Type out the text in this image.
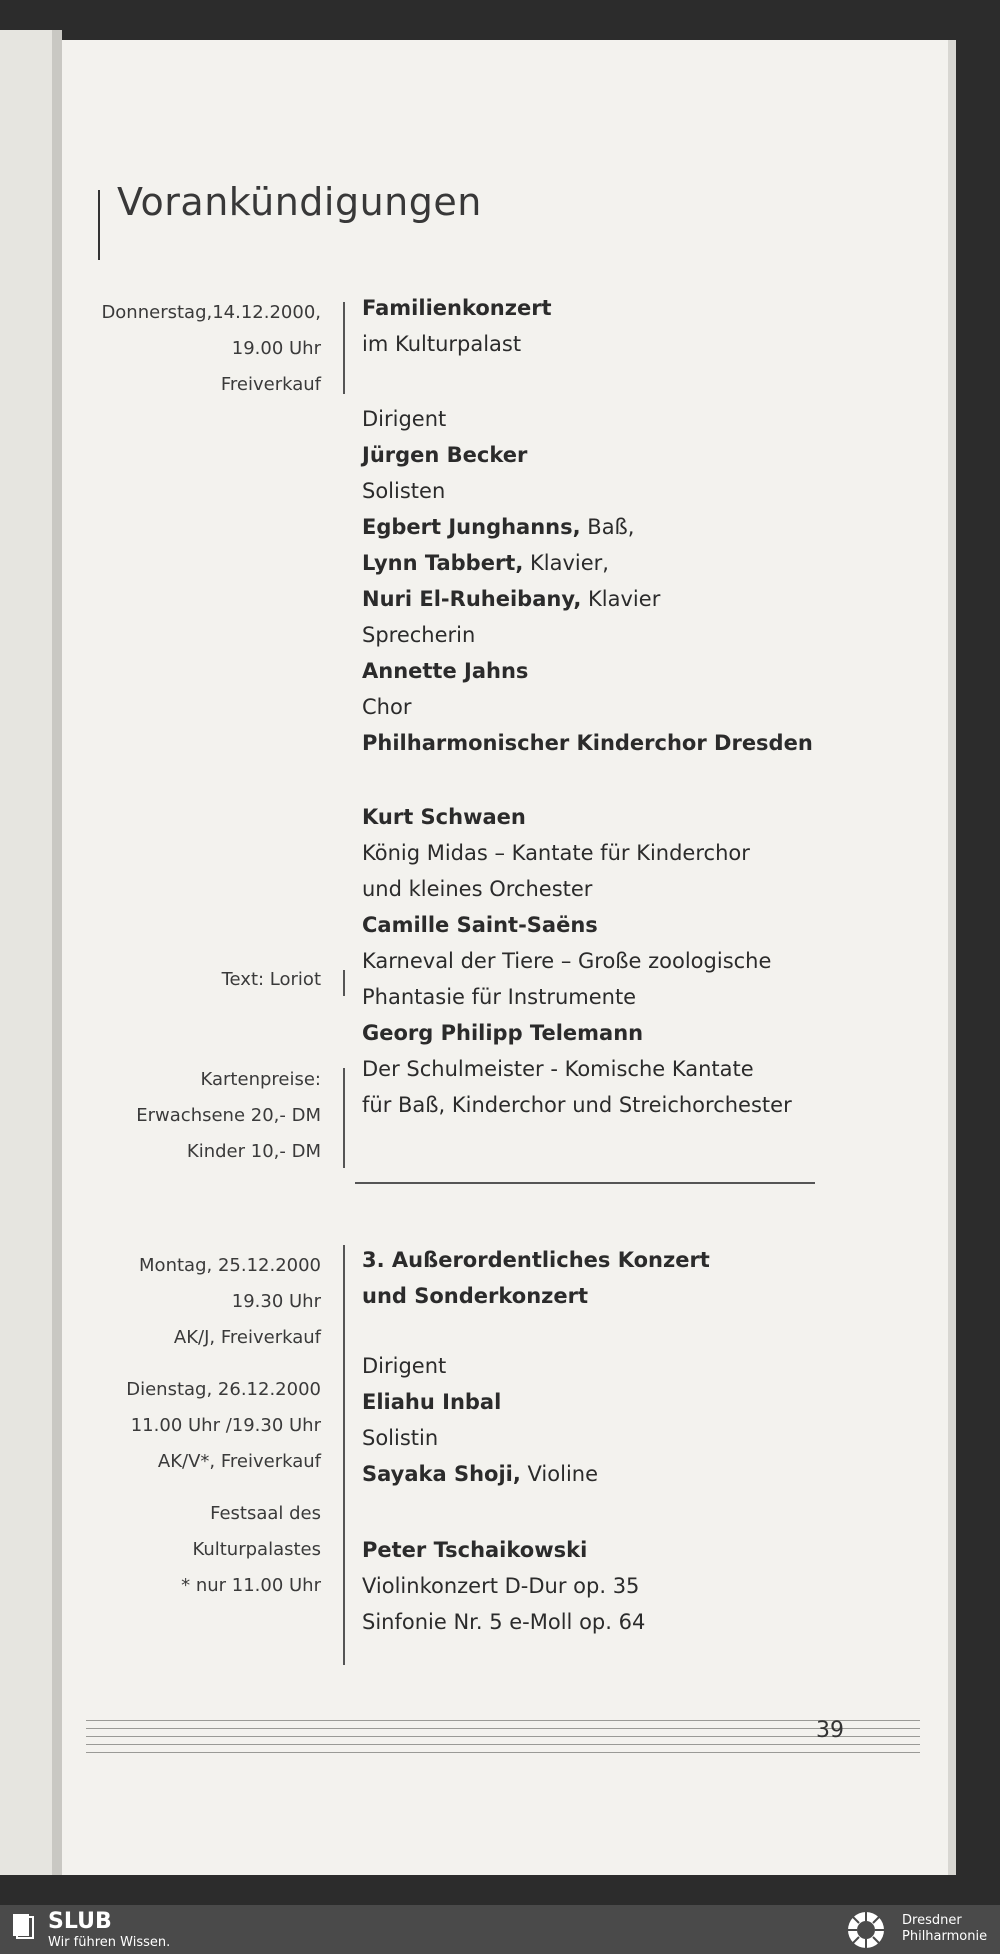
Vorankündigungen
Donnerstag,14.12.2000,
19.00 Uhr
Freiverkauf
Text: Loriot
Kartenpreise:
Erwachsene 20,- DM
Kinder 10,- DM
Familienkonzert
im Kulturpalast
Dirigent
Jürgen Becker
Solisten
Egbert Junghanns, Baß,
Lynn Tabbert, Klavier,
Nuri El-Ruheibany, Klavier
Sprecherin
Annette Jahns
Chor
Philharmonischer Kinderchor Dresden
Kurt Schwaen
König Midas – Kantate für Kinderchor
und kleines Orchester
Camille Saint-Saëns
Karneval der Tiere – Große zoologische
Phantasie für Instrumente
Georg Philipp Telemann
Der Schulmeister - Komische Kantate
für Baß, Kinderchor und Streichorchester
Montag, 25.12.2000
19.30 Uhr
AK/J, Freiverkauf
Dienstag, 26.12.2000
11.00 Uhr /19.30 Uhr
AK/V*, Freiverkauf
Festsaal des
Kulturpalastes
* nur 11.00 Uhr
3. Außerordentliches Konzert
und Sonderkonzert
Dirigent
Eliahu Inbal
Solistin
Sayaka Shoji, Violine
Peter Tschaikowski
Violinkonzert D-Dur op. 35
Sinfonie Nr. 5 e-Moll op. 64
39
SLUB
Wir führen Wissen.
Dresdner
Philharmonie
